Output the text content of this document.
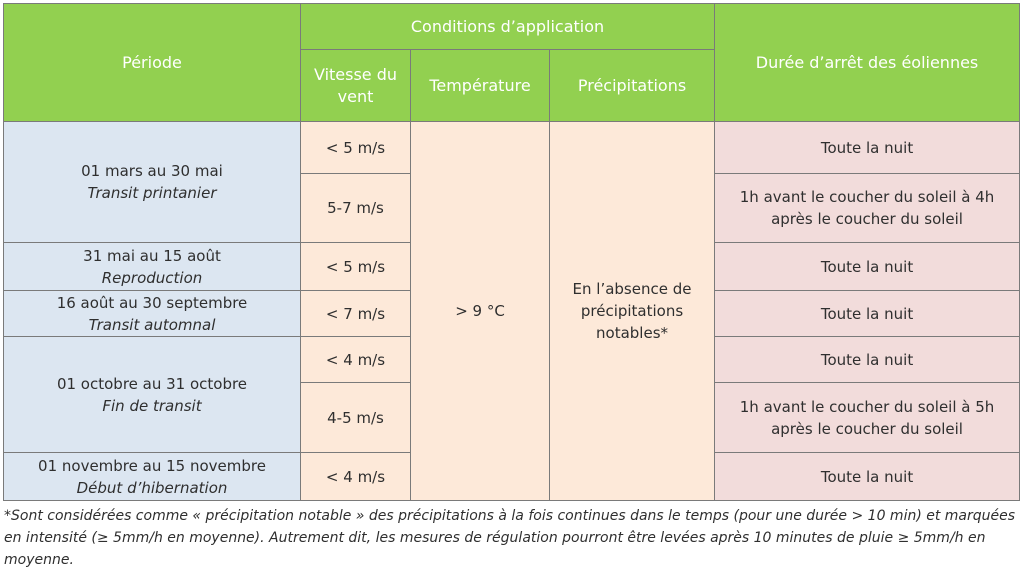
Période	Conditions d’application			Durée d’arrêt des éoliennes
	Vitesse du vent	Température	Précipitations	

01 mars au 30 mai
Transit printanier	< 5 m/s	> 9 °C	En l’absence de précipitations notables*	Toute la nuit
	5-7 m/s			1h avant le coucher du soleil à 4h après le coucher du soleil

31 mai au 15 août
Reproduction	< 5 m/s			Toute la nuit

16 août au 30 septembre
Transit automnal	< 7 m/s			Toute la nuit

01 octobre au 31 octobre
Fin de transit	< 4 m/s			Toute la nuit
	4-5 m/s			1h avant le coucher du soleil à 5h après le coucher du soleil

01 novembre au 15 novembre
Début d’hibernation	< 4 m/s			Toute la nuit
*Sont considérées comme « précipitation notable » des précipitations à la fois continues dans le temps (pour une durée > 10 min) et marquées en intensité (≥ 5mm/h en moyenne). Autrement dit, les mesures de régulation pourront être levées après 10 minutes de pluie ≥ 5mm/h en moyenne.
